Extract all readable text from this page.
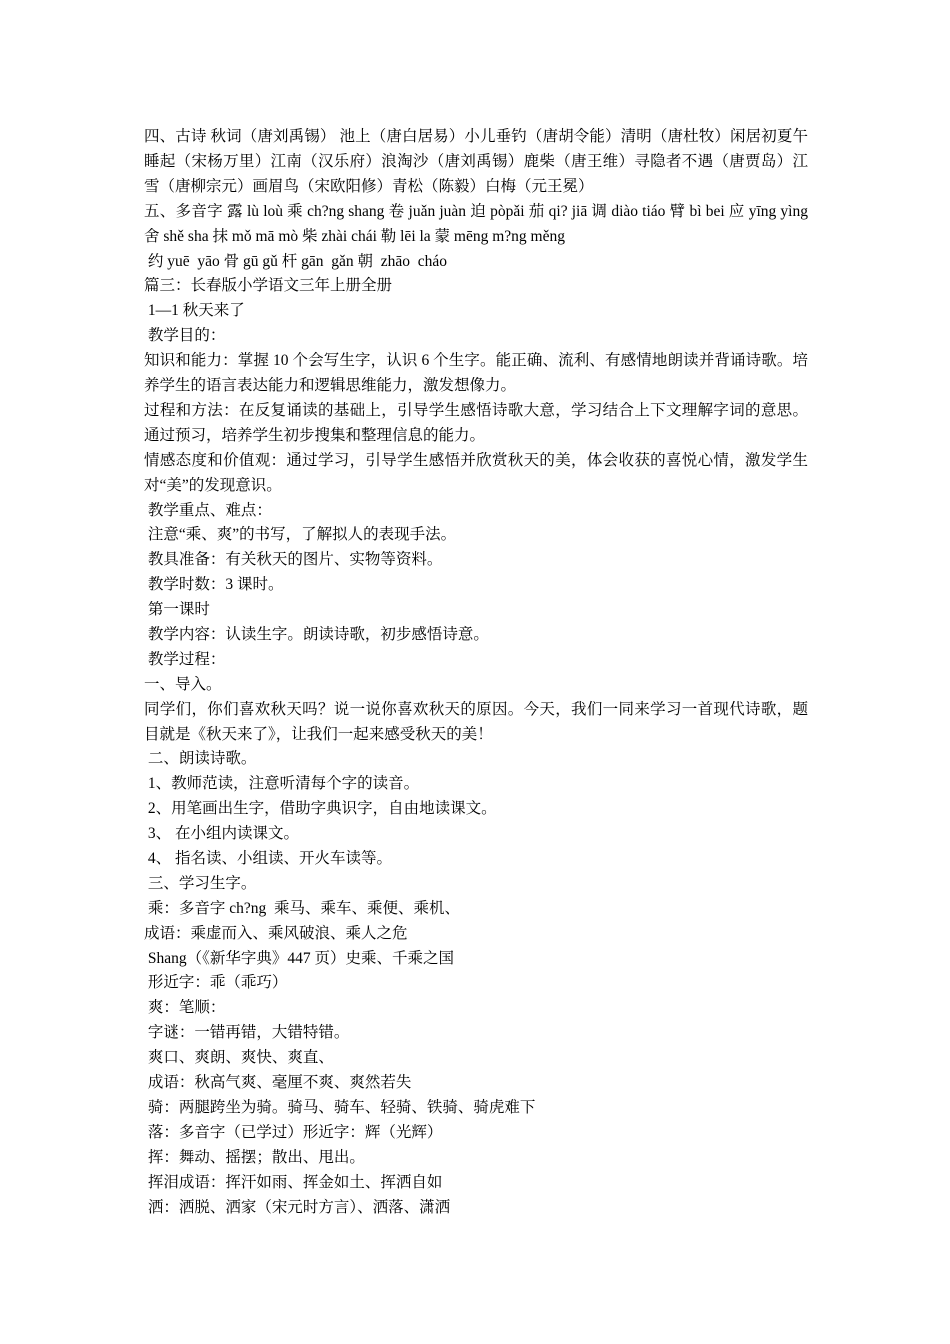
四、古诗 秋词（唐刘禹锡） 池上（唐白居易）小儿垂钓（唐胡令能）清明（唐杜牧）闲居初夏午睡起（宋杨万里）江南（汉乐府）浪淘沙（唐刘禹锡）鹿柴（唐王维）寻隐者不遇（唐贾岛）江雪（唐柳宗元）画眉鸟（宋欧阳修）青松（陈毅）白梅（元王冕）
五、多音字 露 lù loù 乘 ch?ng shang 卷 juǎn juàn 迫 pòpǎi 茄 qi? jiā 调 diào tiáo 臂 bì bei 应 yīng yìng 舍 shě sha 抹 mǒ mā mò 柴 zhài chái 勒 lēi la 蒙 mēng m?ng měng
约 yuē  yāo 骨 gū gǔ 杆 gān  gǎn 朝  zhāo  cháo
篇三：长春版小学语文三年上册全册
1—1 秋天来了
教学目的：
知识和能力：掌握 10 个会写生字，认识 6 个生字。能正确、流利、有感情地朗读并背诵诗歌。培养学生的语言表达能力和逻辑思维能力，激发想像力。
过程和方法：在反复诵读的基础上，引导学生感悟诗歌大意，学习结合上下文理解字词的意思。通过预习，培养学生初步搜集和整理信息的能力。
情感态度和价值观：通过学习，引导学生感悟并欣赏秋天的美，体会收获的喜悦心情，激发学生对“美”的发现意识。
教学重点、难点：
注意“乘、爽”的书写，了解拟人的表现手法。
教具准备：有关秋天的图片、实物等资料。
教学时数：3 课时。
第一课时
教学内容：认读生字。朗读诗歌，初步感悟诗意。
教学过程：
一、导入。
同学们，你们喜欢秋天吗？说一说你喜欢秋天的原因。今天，我们一同来学习一首现代诗歌，题目就是《秋天来了》，让我们一起来感受秋天的美！
二、朗读诗歌。
1、教师范读，注意听清每个字的读音。
2、用笔画出生字，借助字典识字，自由地读课文。
3、 在小组内读课文。
4、 指名读、小组读、开火车读等。
三、学习生字。
乘：多音字 ch?ng  乘马、乘车、乘便、乘机、
成语：乘虚而入、乘风破浪、乘人之危
Shang（《新华字典》447 页）史乘、千乘之国
形近字：乖（乖巧）
爽：笔顺：
字谜：一错再错，大错特错。
爽口、爽朗、爽快、爽直、
成语：秋高气爽、毫厘不爽、爽然若失
骑：两腿跨坐为骑。骑马、骑车、轻骑、铁骑、骑虎难下
落：多音字（已学过）形近字：辉（光辉）
挥：舞动、摇摆；散出、甩出。
挥泪成语：挥汗如雨、挥金如土、挥洒自如
洒：洒脱、洒家（宋元时方言）、洒落、潇洒
